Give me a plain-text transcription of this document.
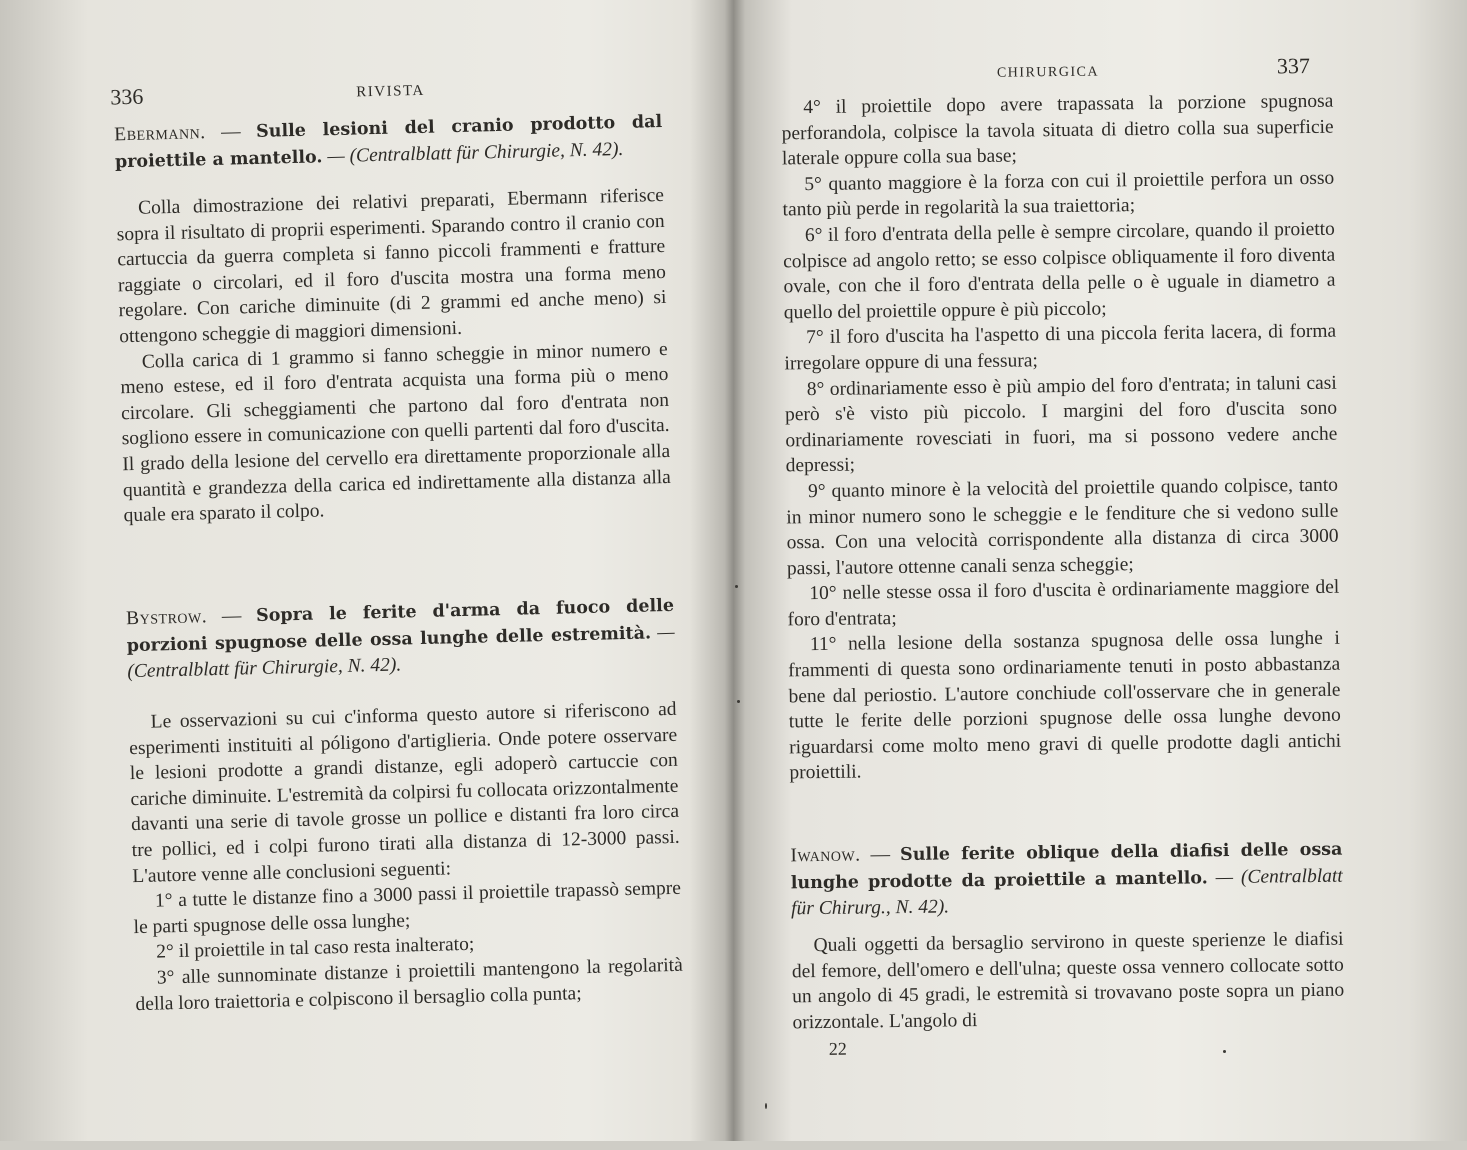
336	RIVISTA

Ebermann. — Sulle lesioni del cranio prodotto dal proiettile a mantello. — (Centralblatt für Chirurgie, N. 42).

Colla dimostrazione dei relativi preparati, Ebermann riferisce sopra il risultato di proprii esperimenti. Sparando contro il cranio con cartuccia da guerra completa si fanno piccoli frammenti e fratture raggiate o circolari, ed il foro d'uscita mostra una forma meno regolare. Con cariche diminuite (di 2 grammi ed anche meno) si ottengono scheggie di maggiori dimensioni.

Colla carica di 1 grammo si fanno scheggie in minor numero e meno estese, ed il foro d'entrata acquista una forma più o meno circolare. Gli scheggiamenti che partono dal foro d'entrata non sogliono essere in comunicazione con quelli partenti dal foro d'uscita. Il grado della lesione del cervello era direttamente proporzionale alla quantità e grandezza della carica ed indirettamente alla distanza alla quale era sparato il colpo.

Bystrow. — Sopra le ferite d'arma da fuoco delle porzioni spugnose delle ossa lunghe delle estremità. — (Centralblatt für Chirurgie, N. 42).

Le osservazioni su cui c'informa questo autore si riferiscono ad esperimenti instituiti al póligono d'artiglieria. Onde potere osservare le lesioni prodotte a grandi distanze, egli adoperò cartuccie con cariche diminuite. L'estremità da colpirsi fu collocata orizzontalmente davanti una serie di tavole grosse un pollice e distanti fra loro circa tre pollici, ed i colpi furono tirati alla distanza di 12-3000 passi. L'autore venne alle conclusioni seguenti:

1° a tutte le distanze fino a 3000 passi il proiettile trapassò sempre le parti spugnose delle ossa lunghe;

2° il proiettile in tal caso resta inalterato;

3° alle sunnominate distanze i proiettili mantengono la regolarità della loro traiettoria e colpiscono il bersaglio colla punta;

CHIRURGICA	337

4° il proiettile dopo avere trapassata la porzione spugnosa perforandola, colpisce la tavola situata di dietro colla sua superficie laterale oppure colla sua base;

5° quanto maggiore è la forza con cui il proiettile perfora un osso tanto più perde in regolarità la sua traiettoria;

6° il foro d'entrata della pelle è sempre circolare, quando il proietto colpisce ad angolo retto; se esso colpisce obliquamente il foro diventa ovale, con che il foro d'entrata della pelle o è uguale in diametro a quello del proiettile oppure è più piccolo;

7° il foro d'uscita ha l'aspetto di una piccola ferita lacera, di forma irregolare oppure di una fessura;

8° ordinariamente esso è più ampio del foro d'entrata; in taluni casi però s'è visto più piccolo. I margini del foro d'uscita sono ordinariamente rovesciati in fuori, ma si possono vedere anche depressi;

9° quanto minore è la velocità del proiettile quando colpisce, tanto in minor numero sono le scheggie e le fenditure che si vedono sulle ossa. Con una velocità corrispondente alla distanza di circa 3000 passi, l'autore ottenne canali senza scheggie;

10° nelle stesse ossa il foro d'uscita è ordinariamente maggiore del foro d'entrata;

11° nella lesione della sostanza spugnosa delle ossa lunghe i frammenti di questa sono ordinariamente tenuti in posto abbastanza bene dal periostio. L'autore conchiude coll'osservare che in generale tutte le ferite delle porzioni spugnose delle ossa lunghe devono riguardarsi come molto meno gravi di quelle prodotte dagli antichi proiettili.

Iwanow. — Sulle ferite oblique della diafisi delle ossa lunghe prodotte da proiettile a mantello. — (Centralblatt für Chirurg., N. 42).

Quali oggetti da bersaglio servirono in queste sperienze le diafisi del femore, dell'omero e dell'ulna; queste ossa vennero collocate sotto un angolo di 45 gradi, le estremità si trovavano poste sopra un piano orizzontale. L'angolo di

22
